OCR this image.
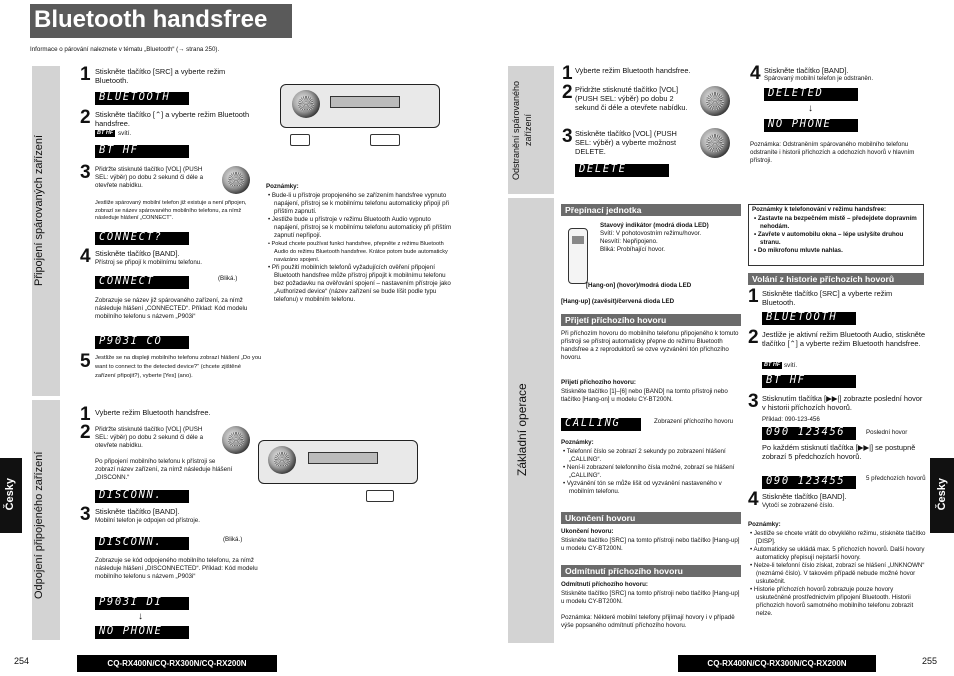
Bluetooth handsfree
Informace o párování naleznete v tématu „Bluetooth“ (→ strana 250).
Připojení spárovaných zařízení
Odpojení připojeného zařízení
Česky	Česky
1 Stiskněte tlačítko [SRC] a vyberte režim Bluetooth.
BLUETOOTH
2 Stiskněte tlačítko [⌃] a vyberte režim Bluetooth handsfree.
BT HF svítí.
BT HF
3 Přidržte stisknuté tlačítko [VOL] (PUSH SEL: výběr) po dobu 2 sekund či déle a otevřete nabídku.
Jestliže spárovaný mobilní telefon již existuje a není připojen, zobrazí se název spárovaného mobilního telefonu, za nímž následuje hlášení „CONNECT“.
CONNECT?
4 Stiskněte tlačítko [BAND].
Přístroj se připojí k mobilnímu telefonu.
CONNECT	(Bliká.)
Zobrazuje se název již spárovaného zařízení, za nímž následuje hlášení „CONNECTED“. Příklad: Kód modelu mobilního telefonu s názvem „P903i“
P903I CO
5 Jestliže se na displeji mobilního telefonu zobrazí hlášení „Do you want to connect to the detected device?“ (chcete zjištěné zařízení připojit?), vyberte [Yes] (ano).
Poznámky:
• Bude-li u přístroje propojeného se zařízením handsfree vypnuto napájení, přístroj se k mobilnímu telefonu automaticky připojí při příštím zapnutí.
• Jestliže bude u přístroje v režimu Bluetooth Audio vypnuto napájení, přístroj se k mobilnímu telefonu automaticky při příštím zapnutí nepřipojí.
• Pokud chcete používat funkci handsfree, přepněte z režimu Bluetooth Audio do režimu Bluetooth handsfree. Krátce potom bude automaticky navázáno spojení.
• Při použití mobilních telefonů vyžadujících ověření připojení Bluetooth handsfree může přístroj připojit k mobilnímu telefonu bez požadavku na ověřování spojení – nastavením přístroje jako „Authorized device“ (název zařízení se bude líšit podle typu telefonu) v mobilním telefonu.
1 Vyberte režim Bluetooth handsfree.
2 Přidržte stisknuté tlačítko [VOL] (PUSH SEL: výběr) po dobu 2 sekund či déle a otevřete nabídku.
Po připojení mobilního telefonu k přístroji se zobrazí název zařízení, za nímž následuje hlášení „DISCONN.“
DISCONN.
3 Stiskněte tlačítko [BAND].
Mobilní telefon je odpojen od přístroje.
DISCONN.	(Bliká.)
Zobrazuje se kód odpojeného mobilního telefonu, za nímž následuje hlášení „DISCONNECTED“. Příklad: Kód modelu mobilního telefonu s názvem „P903i“
P903I DI
↓
NO PHONE
254	CQ-RX400N/CQ-RX300N/CQ-RX200N
Odstranění spárovaného zařízení
Základní operace
1 Vyberte režim Bluetooth handsfree.
2 Přidržte stisknuté tlačítko [VOL] (PUSH SEL: výběr) po dobu 2 sekund či déle a otevřete nabídku.
3 Stiskněte tlačítko [VOL] (PUSH SEL: výběr) a vyberte možnost DELETE.
DELETE
4 Stiskněte tlačítko [BAND].
Spárovaný mobilní telefon je odstraněn.
DELETED
↓
NO PHONE
Poznámka: Odstraněním spárovaného mobilního telefonu odstraníte i historii příchozích a odchozích hovorů v hlavním přístroji.
Přepínací jednotka
Stavový indikátor (modrá dioda LED)
Svítí: V pohotovostním režimu/hovor.
Nesvítí: Nepřipojeno.
Bliká: Probíhající hovor.
[Hang-on] (hovor)/modrá dioda LED
[Hang-up] (zavěsit)/červená dioda LED
Přijetí příchozího hovoru
Při příchozím hovoru do mobilního telefonu připojeného k tomuto přístroji se přístroj automaticky přepne do režimu Bluetooth handsfree a z reproduktorů se ozve vyzvánění tón příchozího hovoru.
Přijetí příchozího hovoru:
Stiskněte tlačítko [1]–[6] nebo [BAND] na tomto přístroji nebo tlačítko [Hang-on] u modelu CY-BT200N.
CALLING	Zobrazení příchozího hovoru
Poznámky:
• Telefonní číslo se zobrazí 2 sekundy po zobrazení hlášení „CALLING“.
• Není-li zobrazení telefonního čísla možné, zobrazí se hlášení „CALLING“.
• Vyzvánění tón se může lišit od vyzvánění nastaveného v mobilním telefonu.
Ukončení hovoru
Ukončení hovoru:
Stiskněte tlačítko [SRC] na tomto přístroji nebo tlačítko [Hang-up] u modelu CY-BT200N.
Odmítnutí příchozího hovoru
Odmítnutí příchozího hovoru:
Stiskněte tlačítko [SRC] na tomto přístroji nebo tlačítko [Hang-up] u modelu CY-BT200N.
Poznámka: Některé mobilní telefony přijímají hovory i v případě výše popsaného odmítnutí příchozího hovoru.
Poznámky k telefonování v režimu handsfree:
• Zastavte na bezpečném místě – předejdete dopravním nehodám.
• Zavřete v automobilu okna – lépe uslyšíte druhou stranu.
• Do mikrofonu mluvte nahlas.
Volání z historie příchozích hovorů
1 Stiskněte tlačítko [SRC] a vyberte režim Bluetooth.
BLUETOOTH
2 Jestliže je aktivní režim Bluetooth Audio, stiskněte tlačítko [⌃] a vyberte režim Bluetooth handsfree.
BT HF svítí.
BT HF
3 Stisknutím tlačítka [▶▶|] zobrazte poslední hovor v historii příchozích hovorů.
Příklad: 090-123-456
090 123456	Poslední hovor
Po každém stisknutí tlačítka [▶▶|] se postupně zobrazí 5 předchozích hovorů.
090 123455	5 předchozích hovorů
4 Stiskněte tlačítko [BAND].
Vytočí se zobrazené číslo.
Poznámky:
• Jestliže se chcete vrátit do obvyklého režimu, stiskněte tlačítko [DISP].
• Automaticky se ukládá max. 5 příchozích hovorů. Další hovory automaticky přepisují nejstarší hovory.
• Nelze-li telefonní číslo získat, zobrazí se hlášení „UNKNOWN“ (neznámé číslo). V takovém případě nebude možné hovor uskutečnit.
• Historie příchozích hovorů zobrazuje pouze hovory uskutečněné prostřednictvím připojení Bluetooth. Historii příchozích hovorů samotného mobilního telefonu zobrazit nelze.
CQ-RX400N/CQ-RX300N/CQ-RX200N	255
